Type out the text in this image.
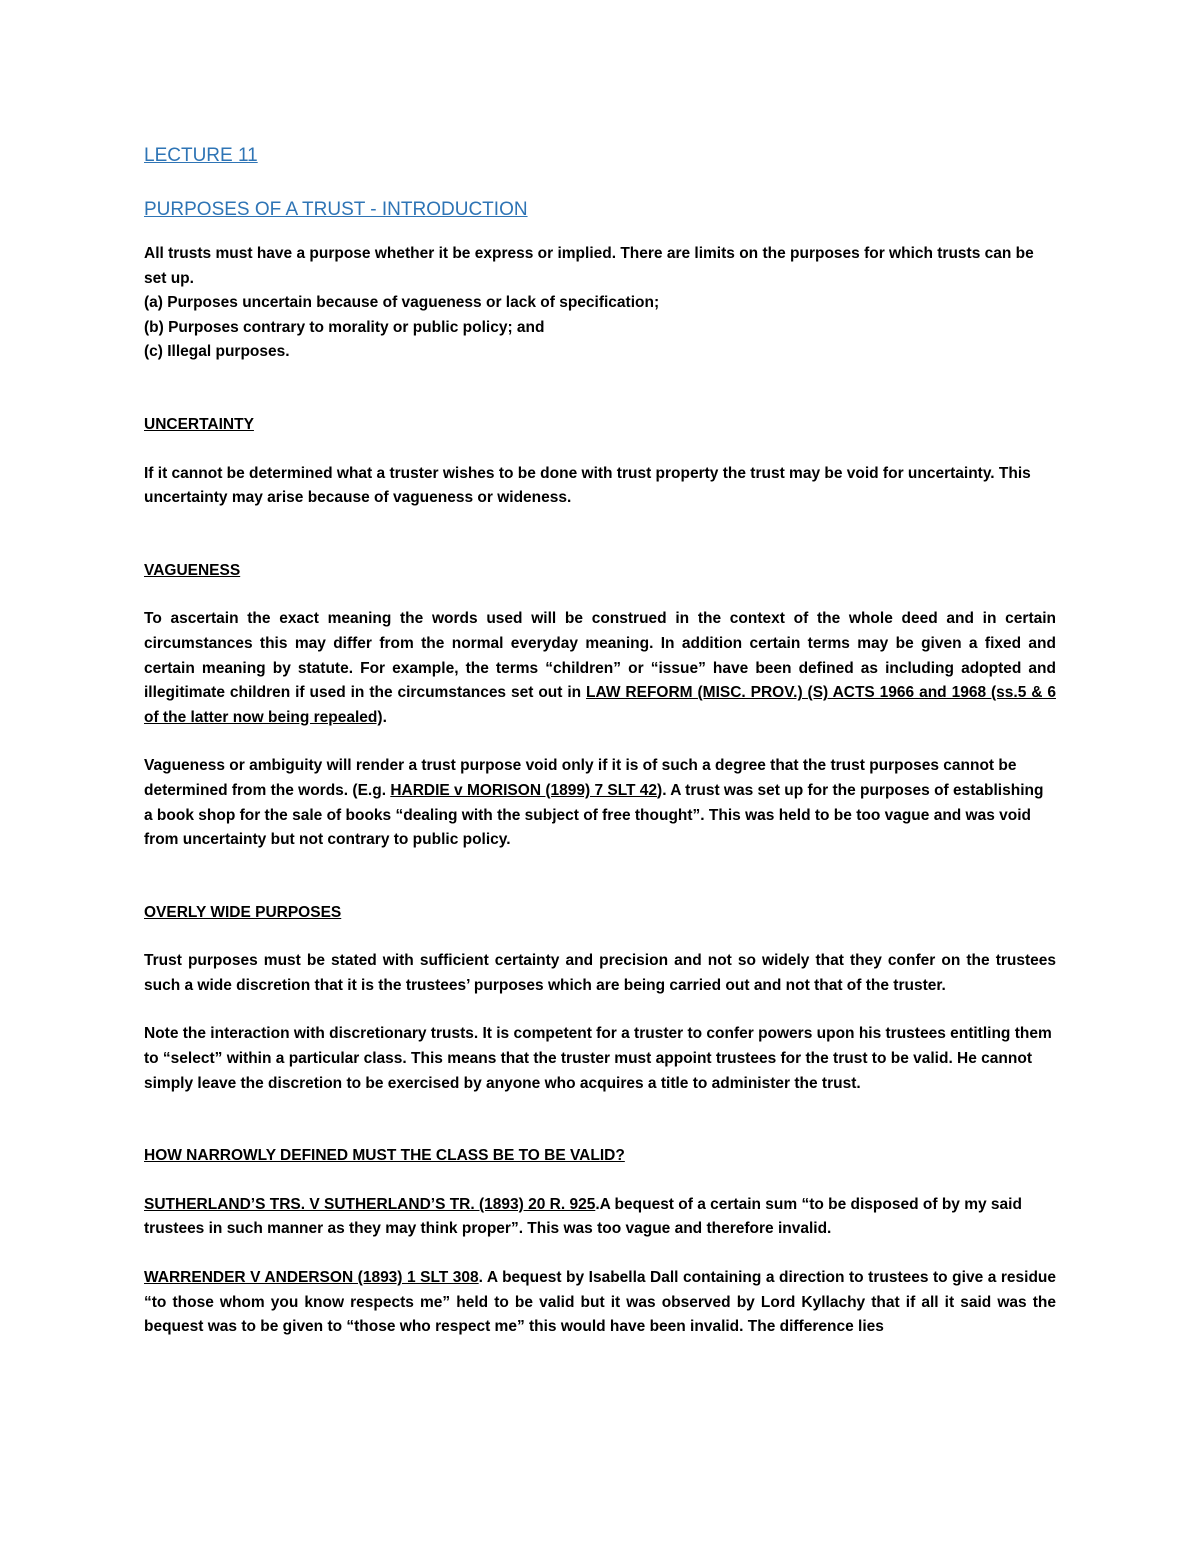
LECTURE 11
PURPOSES OF A TRUST - INTRODUCTION

All trusts must have a purpose whether it be express or implied. There are limits on the purposes for which trusts can be set up.

(a) Purposes uncertain because of vagueness or lack of specification;

(b) Purposes contrary to morality or public policy; and

(c) Illegal purposes.

UNCERTAINTY

If it cannot be determined what a truster wishes to be done with trust property the trust may be void for uncertainty. This uncertainty may arise because of vagueness or wideness.

VAGUENESS

To ascertain the exact meaning the words used will be construed in the context of the whole deed and in certain circumstances this may differ from the normal everyday meaning. In addition certain terms may be given a fixed and certain meaning by statute. For example, the terms “children” or “issue” have been defined as including adopted and illegitimate children if used in the circumstances set out in LAW REFORM (MISC. PROV.) (S) ACTS 1966 and 1968 (ss.5 & 6 of the latter now being repealed).

Vagueness or ambiguity will render a trust purpose void only if it is of such a degree that the trust purposes cannot be determined from the words. (E.g. HARDIE v MORISON (1899) 7 SLT 42). A trust was set up for the purposes of establishing a book shop for the sale of books “dealing with the subject of free thought”. This was held to be too vague and was void from uncertainty but not contrary to public policy.

OVERLY WIDE PURPOSES

Trust purposes must be stated with sufficient certainty and precision and not so widely that they confer on the trustees such a wide discretion that it is the trustees’ purposes which are being carried out and not that of the truster.

Note the interaction with discretionary trusts. It is competent for a truster to confer powers upon his trustees entitling them to “select” within a particular class. This means that the truster must appoint trustees for the trust to be valid. He cannot simply leave the discretion to be exercised by anyone who acquires a title to administer the trust.

HOW NARROWLY DEFINED MUST THE CLASS BE TO BE VALID?

SUTHERLAND’S TRS. V SUTHERLAND’S TR. (1893) 20 R. 925.A bequest of a certain sum “to be disposed of by my said trustees in such manner as they may think proper”. This was too vague and therefore invalid.

WARRENDER V ANDERSON (1893) 1 SLT 308. A bequest by Isabella Dall containing a direction to trustees to give a residue “to those whom you know respects me” held to be valid but it was observed by Lord Kyllachy that if all it said was the bequest was to be given to “those who respect me” this would have been invalid. The difference lies
